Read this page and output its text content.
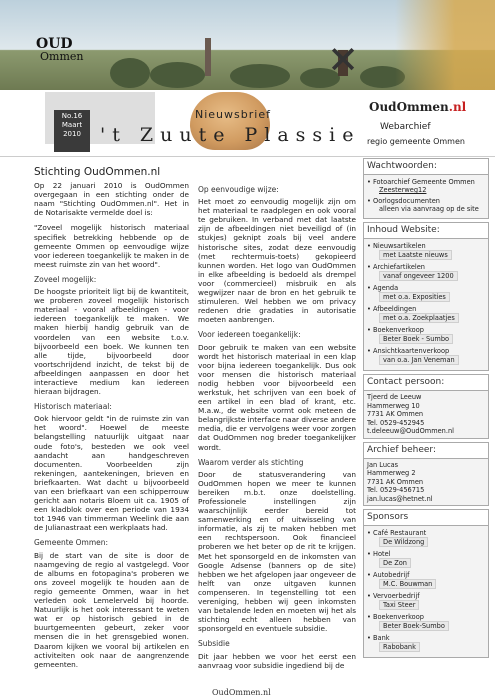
✕
OUD
Ommen
No.16
Maart
2010
Nieuwsbrief
't Zuute Plassie
OudOmmen.nl
Webarchief
regio gemeente Ommen
Stichting OudOmmen.nl

Op 22 januari 2010 is OudOmmen overgegaan in een stichting onder de naam "Stichting OudOmmen.nl". Het in de Notarisakte vermelde doel is:

"Zoveel mogelijk historisch materiaal specifiek betrekking hebbende op de gemeente Ommen op eenvoudige wijze voor iedereen toegankelijk te maken in de meest ruimste zin van het woord".

Zoveel mogelijk:

De hoogste prioriteit ligt bij de kwantiteit, we proberen zoveel mogelijk historisch materiaal - vooral afbeeldingen - voor iedereen toegankelijk te maken. We maken hierbij handig gebruik van de voordelen van een website t.o.v. bijvoorbeeld een boek. We kunnen ten alle tijde, bijvoorbeeld door voortschrijdend inzicht, de tekst bij de afbeeldingen aanpassen en door het interactieve medium kan iedereen hieraan bijdragen.

Historisch materiaal:

Ook hiervoor geldt "in de ruimste zin van het woord". Hoewel de meeste belangstelling natuurlijk uitgaat naar oude foto's, besteden we ook veel aandacht aan handgeschreven documenten. Voorbeelden zijn rekeningen, aantekeningen, brieven en briefkaarten. Wat dacht u bijvoorbeeld van een briefkaart van een schipperrouw gericht aan notaris Bloem uit ca. 1905 of een kladblok over een periode van 1934 tot 1946 van timmerman Weelink die aan de Julianastraat een werkplaats had.

Gemeente Ommen:

Bij de start van de site is door de naamgeving de regio al vastgelegd. Voor de albums en fotopagina's proberen we ons zoveel mogelijk te houden aan de regio gemeente Ommen, waar in het verleden ook Lemelerveld bij hoorde. Natuurlijk is het ook interessant te weten wat er op historisch gebied in de buurtgemeenten gebeurt, zeker voor mensen die in het grensgebied wonen. Daarom kijken we vooral bij artikelen en activiteiten ook naar de aangrenzende gemeenten.

Op eenvoudige wijze:

Het moet zo eenvoudig mogelijk zijn om het materiaal te raadplegen en ook vooral te gebruiken. In verband met dat laatste zijn de afbeeldingen niet beveiligd of (in stukjes) geknipt zoals bij veel andere historische sites, zodat deze eenvoudig (met rechtermuis-toets) gekopieerd kunnen worden. Het logo van OudOmmen in elke afbeelding is bedoeld als drempel voor (commercieel) misbruik en als wegwijzer naar de bron en het gebruik te stimuleren. Wel hebben we om privacy redenen drie gradaties in autorisatie moeten aanbrengen.

Voor iedereen toegankelijk:

Door gebruik te maken van een website wordt het historisch materiaal in een klap voor bijna iedereen toegankelijk. Dus ook voor mensen die historisch materiaal nodig hebben voor bijvoorbeeld een werkstuk, het schrijven van een boek of een artikel in een blad of krant, etc. M.a.w., de website vormt ook meteen de belangrijkste interface naar diverse andere media, die er vervolgens weer voor zorgen dat OudOmmen nog breder toegankelijker wordt.

Waarom verder als stichting

Door de statusverandering van OudOmmen hopen we meer te kunnen bereiken m.b.t. onze doelstelling. Professionele instellingen zijn waarschijnlijk eerder bereid tot samenwerking en of uitwisseling van informatie, als zij te maken hebben met een rechtspersoon. Ook financieel proberen we het beter op de rit te krijgen. Met het sponsorgeld en de inkomsten van Google Adsense (banners op de site) hebben we het afgelopen jaar ongeveer de helft van onze uitgaven kunnen compenseren. In tegenstelling tot een vereniging, hebben wij geen inkomsten van betalende leden en moeten wij het als stichting echt alleen hebben van sponsorgeld en eventuele subsidie.

Subsidie

Dit jaar hebben we voor het eerst een aanvraag voor subsidie ingediend bij de

Wachtwoorden:
• Fotoarchief Gemeente Ommen
Zeesterweg12
• Oorlogsdocumenten
alleen via aanvraag op de site
Inhoud Website:
• Nieuwsartikelen
met Laatste nieuws
• Archiefartikelen
vanaf ongeveer 1200
• Agenda
met o.a. Exposities
• Afbeeldingen
met o.a. Zoekplaatjes
• Boekenverkoop
Beter Boek - Sumbo
• Ansichtkaartenverkoop
van o.a. Jan Veneman
Contact persoon:
Tjeerd de Leeuw
Hammerweg 10
7731 AK Ommen
Tel. 0529-452945
t.deleeuw@OudOmmen.nl
Archief beheer:
Jan Lucas
Hammerweg 2
7731 AK Ommen
Tel. 0529-456715
jan.lucas@hetnet.nl
Sponsors
• Café Restaurant
De Wildzong
• Hotel
De Zon
• Autobedrijf
M.C. Bouwman
• Vervoerbedrijf
Taxi Steer
• Boekenverkoop
Beter Boek-Sumbo
• Bank
Rabobank
OudOmmen.nl
